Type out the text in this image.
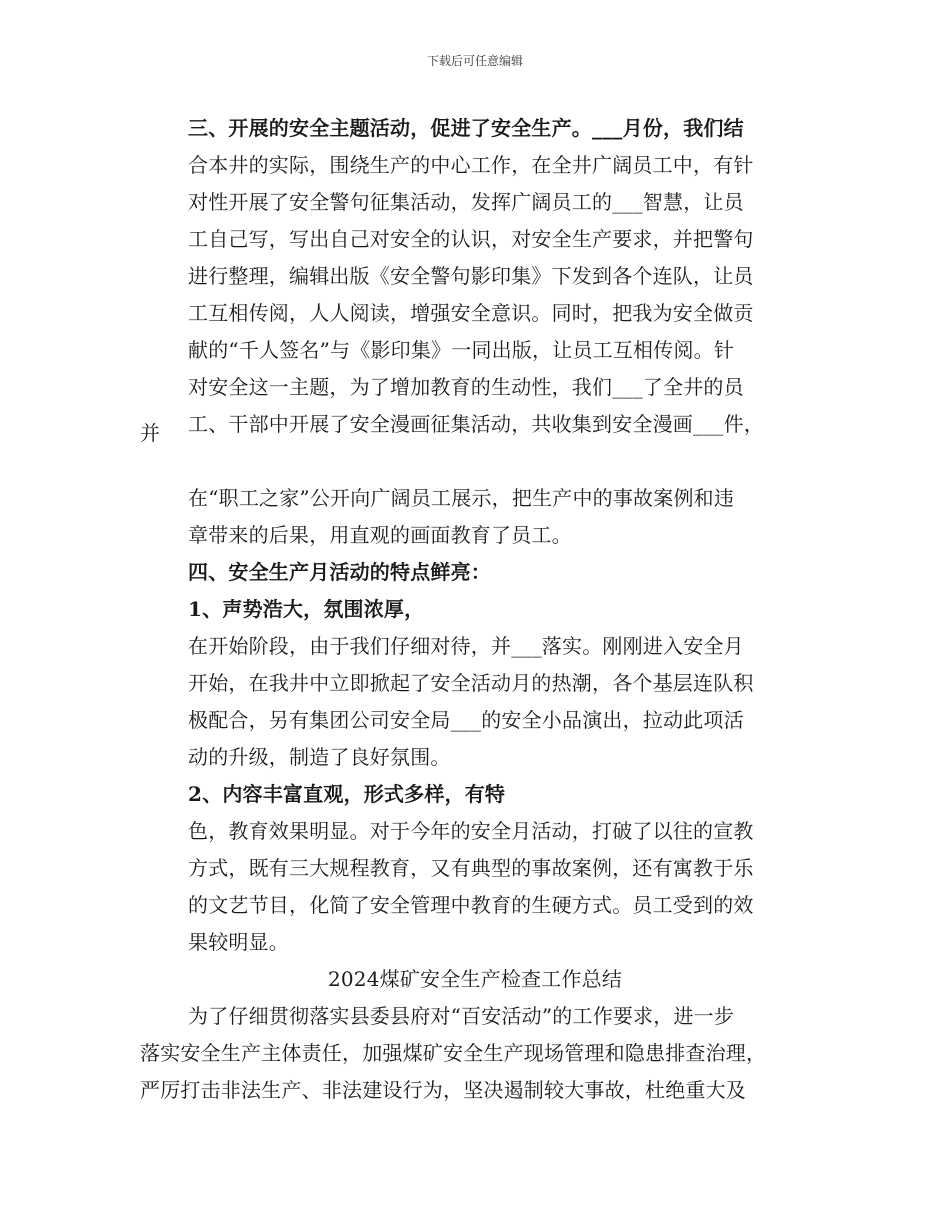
下载后可任意编辑
三、开展的安全主题活动，促进了安全生产。___月份，我们结
合本井的实际，围绕生产的中心工作，在全井广阔员工中，有针
对性开展了安全警句征集活动，发挥广阔员工的___智慧，让员
工自己写，写出自己对安全的认识，对安全生产要求，并把警句
进行整理，编辑出版《安全警句影印集》下发到各个连队，让员
工互相传阅，人人阅读，增强安全意识。同时，把我为安全做贡
献的“千人签名”与《影印集》一同出版，让员工互相传阅。针
对安全这一主题，为了增加教育的生动性，我们___了全井的员
工、干部中开展了安全漫画征集活动，共收集到安全漫画___件，
并
在“职工之家”公开向广阔员工展示，把生产中的事故案例和违
章带来的后果，用直观的画面教育了员工。
四、安全生产月活动的特点鲜亮：
1、声势浩大，氛围浓厚，
在开始阶段，由于我们仔细对待，并___落实。刚刚进入安全月
开始，在我井中立即掀起了安全活动月的热潮，各个基层连队积
极配合，另有集团公司安全局___的安全小品演出，拉动此项活
动的升级，制造了良好氛围。
2、内容丰富直观，形式多样，有特
色，教育效果明显。对于今年的安全月活动，打破了以往的宣教
方式，既有三大规程教育，又有典型的事故案例，还有寓教于乐
的文艺节目，化简了安全管理中教育的生硬方式。员工受到的效
果较明显。
2024煤矿安全生产检查工作总结
为了仔细贯彻落实县委县府对“百安活动”的工作要求，进一步
落实安全生产主体责任，加强煤矿安全生产现场管理和隐患排查治理，
严厉打击非法生产、非法建设行为，坚决遏制较大事故，杜绝重大及
